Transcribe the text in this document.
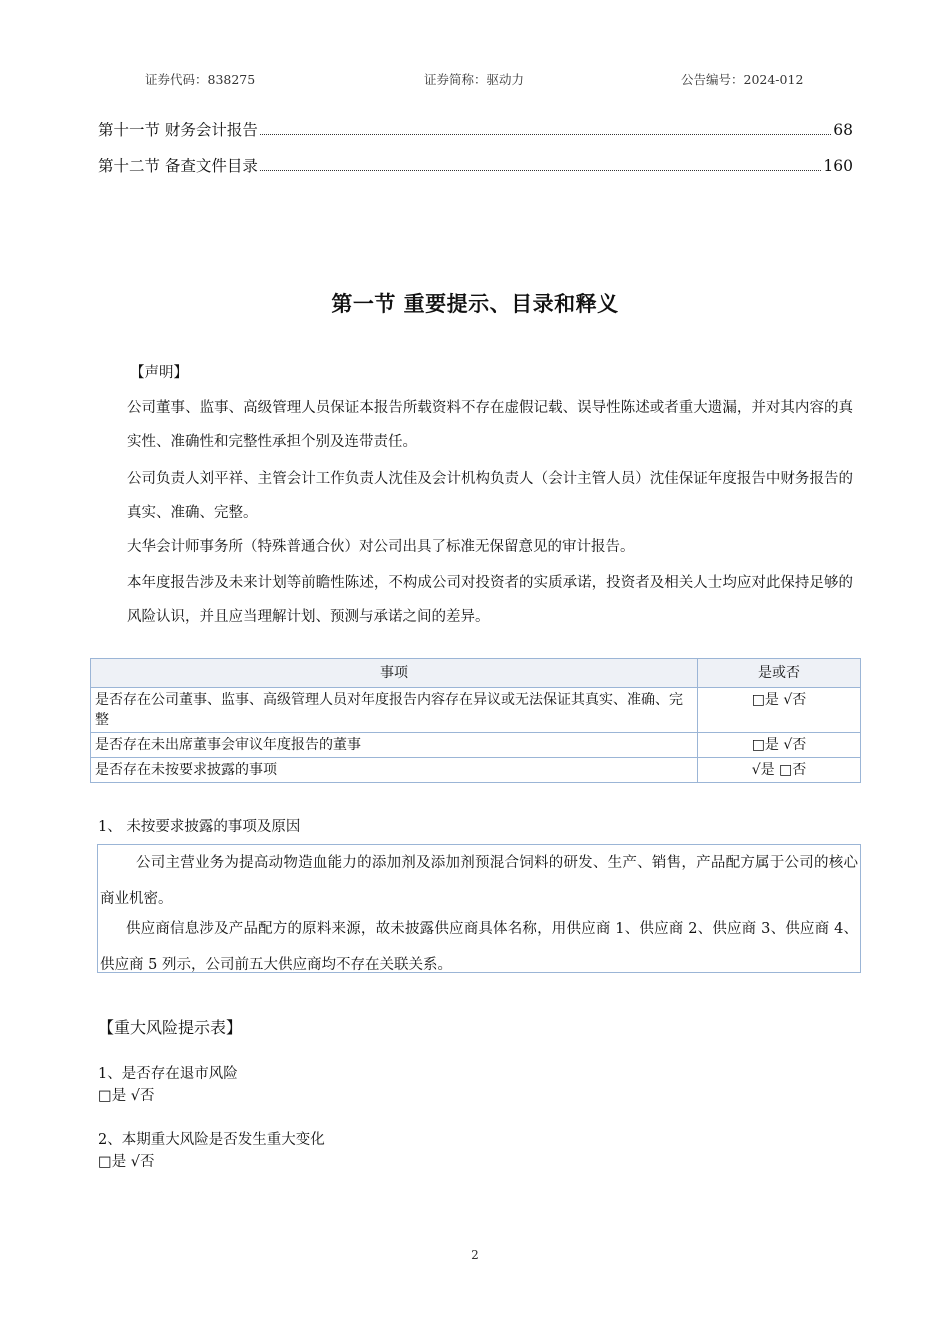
证券代码：838275	证券简称：驱动力	公告编号：2024-012
第十一节 财务会计报告	68
第十二节 备查文件目录	160
第一节 重要提示、目录和释义
【声明】
公司董事、监事、高级管理人员保证本报告所载资料不存在虚假记载、误导性陈述或者重大遗漏，并对其内容的真实性、准确性和完整性承担个别及连带责任。
公司负责人刘平祥、主管会计工作负责人沈佳及会计机构负责人（会计主管人员）沈佳保证年度报告中财务报告的真实、准确、完整。
大华会计师事务所（特殊普通合伙）对公司出具了标准无保留意见的审计报告。
本年度报告涉及未来计划等前瞻性陈述，不构成公司对投资者的实质承诺，投资者及相关人士均应对此保持足够的风险认识，并且应当理解计划、预测与承诺之间的差异。
事项	是或否
是否存在公司董事、监事、高级管理人员对年度报告内容存在异议或无法保证其真实、准确、完整	□是 √否
是否存在未出席董事会审议年度报告的董事	□是 √否
是否存在未按要求披露的事项	√是 □否
1、 未按要求披露的事项及原因
公司主营业务为提高动物造血能力的添加剂及添加剂预混合饲料的研发、生产、销售，产品配方属于公司的核心商业机密。
供应商信息涉及产品配方的原料来源，故未披露供应商具体名称，用供应商 1、供应商 2、供应商 3、供应商 4、供应商 5 列示，公司前五大供应商均不存在关联关系。
【重大风险提示表】
1、是否存在退市风险
□是 √否
2、本期重大风险是否发生重大变化
□是 √否
2
